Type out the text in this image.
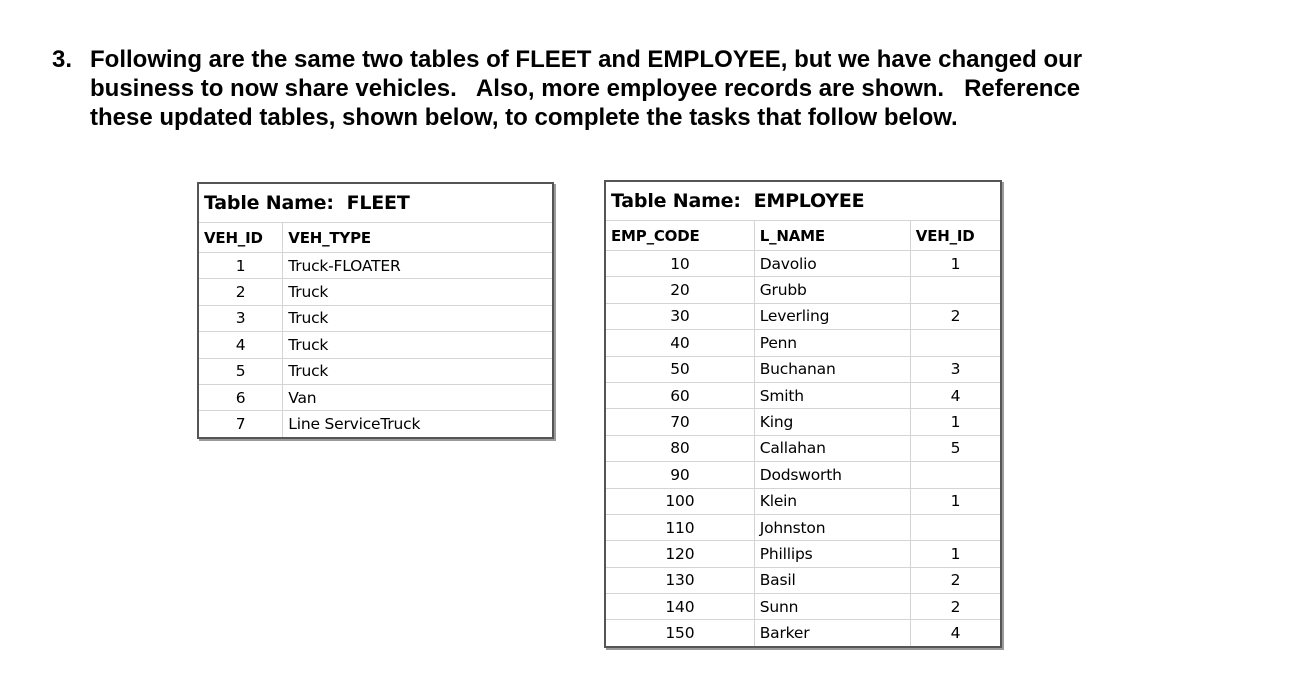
3. Following are the same two tables of FLEET and EMPLOYEE, but we have changed our
business to now share vehicles.   Also, more employee records are shown.   Reference
these updated tables, shown below, to complete the tasks that follow below.
Table Name:  FLEET	
VEH_ID	VEH_TYPE
1	Truck-FLOATER
2	Truck
3	Truck
4	Truck
5	Truck
6	Van
7	Line ServiceTruck
Table Name:  EMPLOYEE		
EMP_CODE	L_NAME	VEH_ID
10	Davolio	1
20	Grubb	
30	Leverling	2
40	Penn	
50	Buchanan	3
60	Smith	4
70	King	1
80	Callahan	5
90	Dodsworth	
100	Klein	1
110	Johnston	
120	Phillips	1
130	Basil	2
140	Sunn	2
150	Barker	4
